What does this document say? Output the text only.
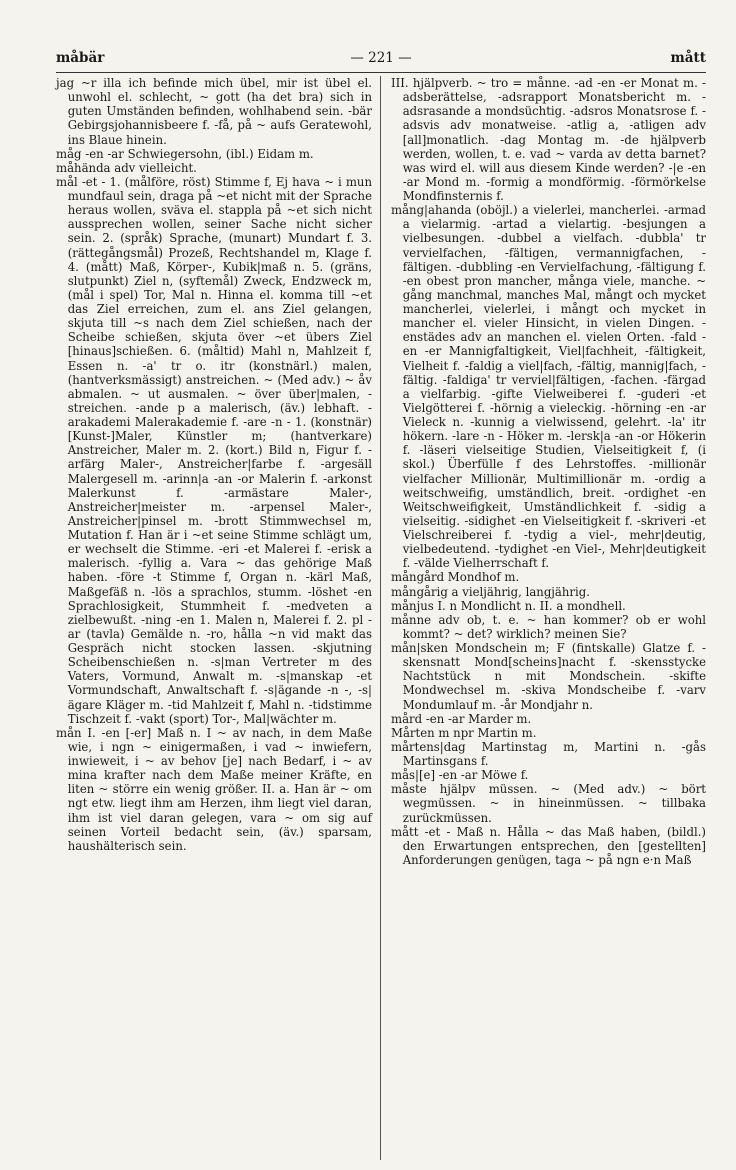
måbär	— 221 —	mått

jag ~r illa ich befinde mich übel, mir ist übel el. unwohl el. schlecht, ~ gott (ha det bra) sich in guten Umständen befinden, wohlhabend sein. -bär Gebirgsjohannisbeere f. -få, på ~ aufs Geratewohl, ins Blaue hinein.

måg -en -ar Schwiegersohn, (ibl.) Eidam m.

måhända adv vielleicht.

mål -et - 1. (målföre, röst) Stimme f, Ej hava ~ i mun mundfaul sein, draga på ~et nicht mit der Sprache heraus wollen, sväva el. stappla på ~et sich nicht aussprechen wollen, seiner Sache nicht sicher sein. 2. (språk) Sprache, (munart) Mundart f. 3. (rättegångsmål) Prozeß, Rechtshandel m, Klage f. 4. (mått) Maß, Körper-, Kubik|maß n. 5. (gräns, slutpunkt) Ziel n, (syftemål) Zweck, Endzweck m, (mål i spel) Tor, Mal n. Hinna el. komma till ~et das Ziel erreichen, zum el. ans Ziel gelangen, skjuta till ~s nach dem Ziel schießen, nach der Scheibe schießen, skjuta över ~et übers Ziel [hinaus]schießen. 6. (måltid) Mahl n, Mahlzeit f, Essen n. -a' tr o. itr (konstnärl.) malen, (hantverksmässigt) anstreichen. ~ (Med adv.) ~ åv abmalen. ~ ut ausmalen. ~ över über|malen, -streichen. -ande p a malerisch, (äv.) lebhaft. -arakademi Malerakademie f. -are -n - 1. (konstnär) [Kunst-]Maler, Künstler m; (hantverkare) Anstreicher, Maler m. 2. (kort.) Bild n, Figur f. -arfärg Maler-, Anstreicher|farbe f. -argesäll Malergesell m. -arinn|a -an -or Malerin f. -arkonst Malerkunst f. -armästare Maler-, Anstreicher|meister m. -arpensel Maler-, Anstreicher|pinsel m. -brott Stimmwechsel m, Mutation f. Han är i ~et seine Stimme schlägt um, er wechselt die Stimme. -eri -et Malerei f. -erisk a malerisch. -fyllig a. Vara ~ das gehörige Maß haben. -före -t Stimme f, Organ n. -kärl Maß, Maßgefäß n. -lös a sprachlos, stumm. -löshet -en Sprachlosigkeit, Stummheit f. -medveten a zielbewußt. -ning -en 1. Malen n, Malerei f. 2. pl -ar (tavla) Gemälde n. -ro, hålla ~n vid makt das Gespräch nicht stocken lassen. -skjutning Scheibenschießen n. -s|man Vertreter m des Vaters, Vormund, Anwalt m. -s|manskap -et Vormundschaft, Anwaltschaft f. -s|ägande -n -, -s|ägare Kläger m. -tid Mahlzeit f, Mahl n. -tidstimme Tischzeit f. -vakt (sport) Tor-, Mal|wächter m.

mån I. -en [-er] Maß n. I ~ av nach, in dem Maße wie, i ngn ~ einigermaßen, i vad ~ inwiefern, inwieweit, i ~ av behov [je] nach Bedarf, i ~ av mina krafter nach dem Maße meiner Kräfte, en liten ~ större ein wenig größer. II. a. Han är ~ om ngt etw. liegt ihm am Herzen, ihm liegt viel daran, ihm ist viel daran gelegen, vara ~ om sig auf seinen Vorteil bedacht sein, (äv.) sparsam, haushälterisch sein.

III. hjälpverb. ~ tro = månne. -ad -en -er Monat m. -adsberättelse, -adsrapport Monatsbericht m. -adsrasande a mondsüchtig. -adsros Monatsrose f. -adsvis adv monatweise. -atlig a, -atligen adv [all]monatlich. -dag Montag m. -de hjälpverb werden, wollen, t. e. vad ~ varda av detta barnet? was wird el. will aus diesem Kinde werden? -|e -en -ar Mond m. -formig a mondförmig. -förmörkelse Mondfinsternis f.

mång|ahanda (oböjl.) a vielerlei, mancherlei. -armad a vielarmig. -artad a vielartig. -besjungen a vielbesungen. -dubbel a vielfach. -dubbla' tr vervielfachen, -fältigen, vermannigfachen, -fältigen. -dubbling -en Vervielfachung, -fältigung f. -en obest pron mancher, många viele, manche. ~ gång manchmal, manches Mal, mångt och mycket mancherlei, vielerlei, i mångt och mycket in mancher el. vieler Hinsicht, in vielen Dingen. -enstädes adv an manchen el. vielen Orten. -fald -en -er Mannigfaltigkeit, Viel|fachheit, -fältigkeit, Vielheit f. -faldig a viel|fach, -fältig, mannig|fach, -fältig. -faldiga' tr verviel|fältigen, -fachen. -färgad a vielfarbig. -gifte Vielweiberei f. -guderi -et Vielgötterei f. -hörnig a vieleckig. -hörning -en -ar Vieleck n. -kunnig a vielwissend, gelehrt. -la' itr hökern. -lare -n - Höker m. -lersk|a -an -or Hökerin f. -läseri vielseitige Studien, Vielseitigkeit f, (i skol.) Überfülle f des Lehrstoffes. -millionär vielfacher Millionär, Multimillionär m. -ordig a weitschweifig, umständlich, breit. -ordighet -en Weitschweifigkeit, Umständlichkeit f. -sidig a vielseitig. -sidighet -en Vielseitigkeit f. -skriveri -et Vielschreiberei f. -tydig a viel-, mehr|deutig, vielbedeutend. -tydighet -en Viel-, Mehr|deutigkeit f. -välde Vielherrschaft f.

mångård Mondhof m.

mångårig a vieljährig, langjährig.

månjus I. n Mondlicht n. II. a mondhell.

månne adv ob, t. e. ~ han kommer? ob er wohl kommt? ~ det? wirklich? meinen Sie?

mån|sken Mondschein m; F (fintskalle) Glatze f. -skensnatt Mond[scheins]nacht f. -skensstycke Nachtstück n mit Mondschein. -skifte Mondwechsel m. -skiva Mondscheibe f. -varv Mondumlauf m. -år Mondjahr n.

mård -en -ar Marder m.

Mårten m npr Martin m.

mårtens|dag Martinstag m, Martini n. -gås Martinsgans f.

mås|[e] -en -ar Möwe f.

måste hjälpv müssen. ~ (Med adv.) ~ bört wegmüssen. ~ in hineinmüssen. ~ tillbaka zurückmüssen.

mått -et - Maß n. Hålla ~ das Maß haben, (bildl.) den Erwartungen entsprechen, den [gestellten] Anforderungen genügen, taga ~ på ngn e·n Maß
